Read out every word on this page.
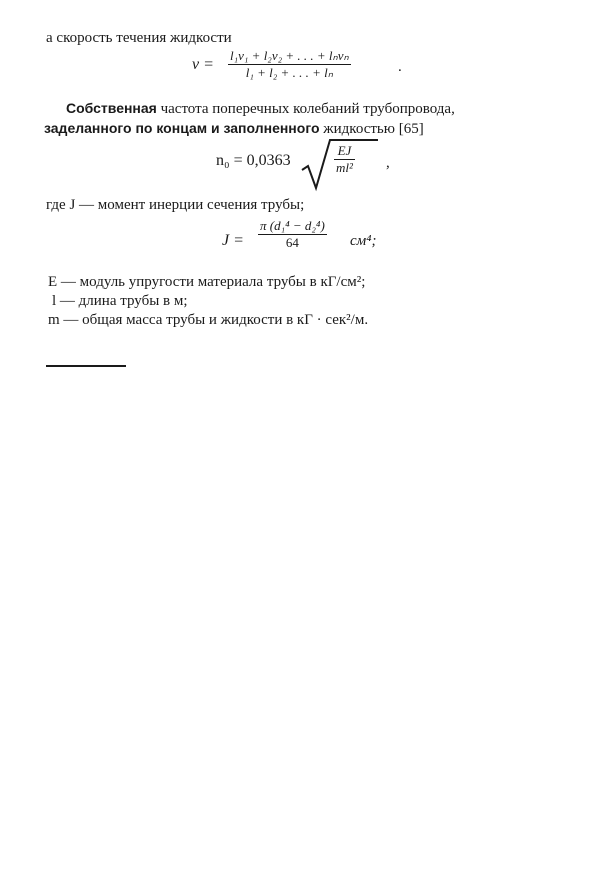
а скорость течения жидкости
v =
l₁v₁ + l₂v₂ + . . . + lₙvₙ
l₁ + l₂ + . . . + lₙ	.
Собственная частота поперечных колебаний трубопровода,
заделанного по концам и заполненного жидкостью [65]
n₀ = 0,0363
EJ
ml² ,
где J — момент инерции сечения трубы;
J =
π (d₁⁴ − d₂⁴)
64	см⁴;
E — модуль упругости материала трубы в кГ/см²;
l — длина трубы в м;
m — общая масса трубы и жидкости в кГ · сек²/м.
